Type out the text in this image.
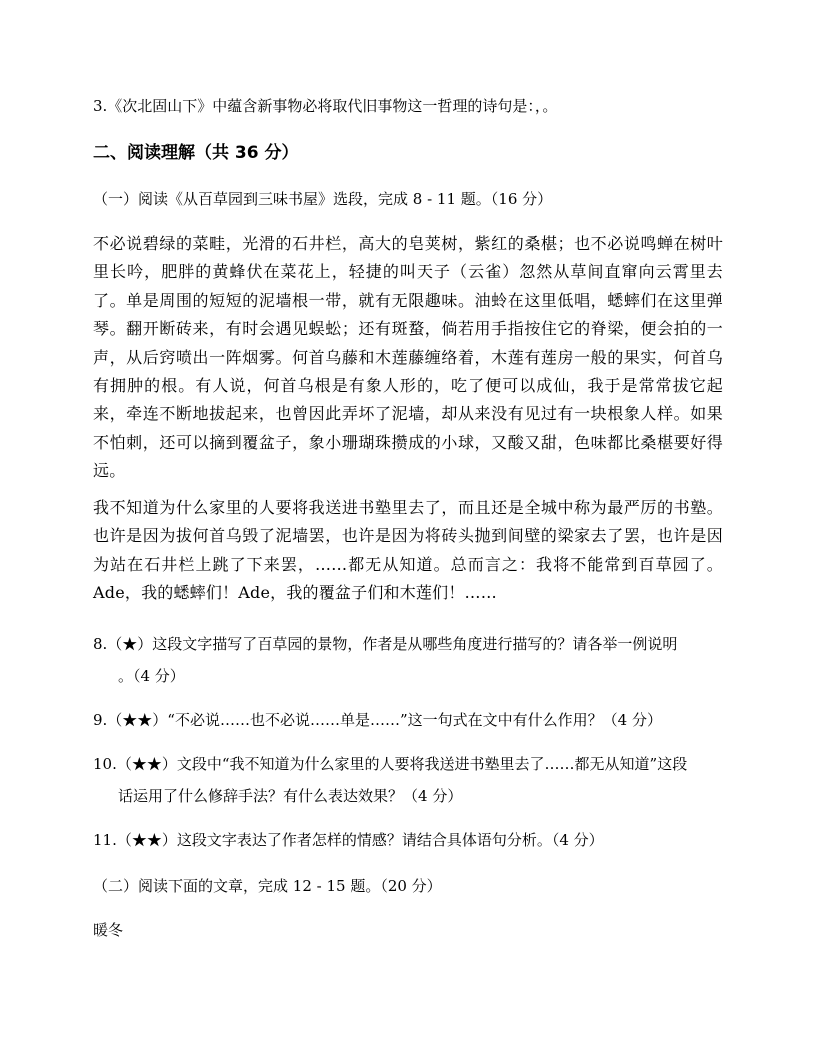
3.《次北固山下》中蕴含新事物必将取代旧事物这一哲理的诗句是：，。
二、阅读理解（共 36 分）
（一）阅读《从百草园到三味书屋》选段，完成 8 - 11 题。（16 分）
不必说碧绿的菜畦，光滑的石井栏，高大的皂荚树，紫红的桑椹；也不必说鸣蝉在树叶里长吟，肥胖的黄蜂伏在菜花上，轻捷的叫天子（云雀）忽然从草间直窜向云霄里去了。单是周围的短短的泥墙根一带，就有无限趣味。油蛉在这里低唱，蟋蟀们在这里弹琴。翻开断砖来，有时会遇见蜈蚣；还有斑蝥，倘若用手指按住它的脊梁，便会拍的一声，从后窍喷出一阵烟雾。何首乌藤和木莲藤缠络着，木莲有莲房一般的果实，何首乌有拥肿的根。有人说，何首乌根是有象人形的，吃了便可以成仙，我于是常常拔它起来，牵连不断地拔起来，也曾因此弄坏了泥墙，却从来没有见过有一块根象人样。如果不怕刺，还可以摘到覆盆子，象小珊瑚珠攒成的小球，又酸又甜，色味都比桑椹要好得远。
我不知道为什么家里的人要将我送进书塾里去了，而且还是全城中称为最严厉的书塾。也许是因为拔何首乌毁了泥墙罢，也许是因为将砖头抛到间壁的梁家去了罢，也许是因为站在石井栏上跳了下来罢，……都无从知道。总而言之：我将不能常到百草园了。Ade，我的蟋蟀们！Ade，我的覆盆子们和木莲们！……
8.（★）这段文字描写了百草园的景物，作者是从哪些角度进行描写的？请各举一例说明
。（4 分）
9.（★★）“不必说……也不必说……单是……”这一句式在文中有什么作用？（4 分）
10.（★★）文段中“我不知道为什么家里的人要将我送进书塾里去了……都无从知道”这段
话运用了什么修辞手法？有什么表达效果？（4 分）
11.（★★）这段文字表达了作者怎样的情感？请结合具体语句分析。（4 分）
（二）阅读下面的文章，完成 12 - 15 题。（20 分）
暖冬
